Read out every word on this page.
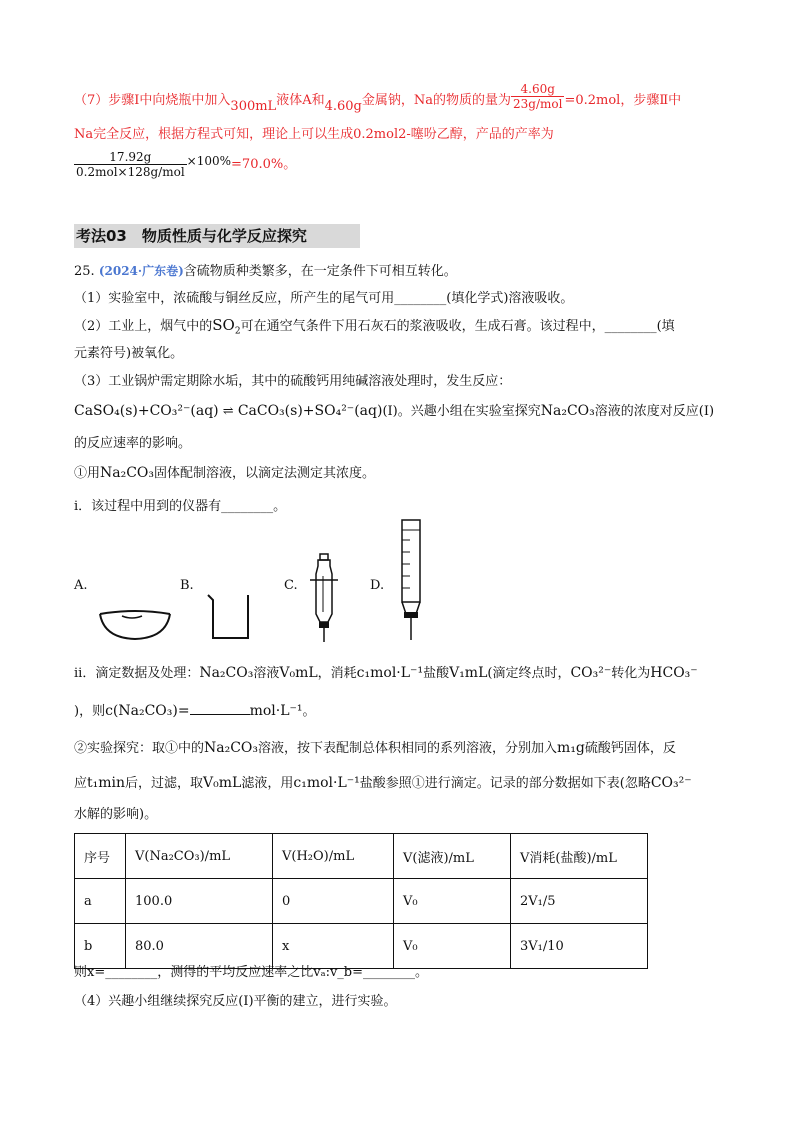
（7）步骤Ⅰ中向烧瓶中加入300mL液体A和4.60g金属钠，Na的物质的量为 $\frac{4.60g}{\text{23g/mol}} =0.2mol$，步骤Ⅱ中
Na完全反应，根据方程式可知，理论上可以生成0.2mol2-噻吩乙醇，产品的产率为
$\frac{17.92g}{\text{0.2mol×128g/mol}} \times 100\%=70.0\%$。
考法03　物质性质与化学反应探究
25. (2024·广东卷)含硫物质种类繁多，在一定条件下可相互转化。
（1）实验室中，浓硫酸与铜丝反应，所产生的尾气可用________(填化学式)溶液吸收。
（2）工业上，烟气中的$SO_2$可在通空气条件下用石灰石的浆液吸收，生成石膏。该过程中，________(填
元素符号)被氧化。
（3）工业锅炉需定期除水垢，其中的硫酸钙用纯碱溶液处理时，发生反应：
CaSO₄(s)+CO₃²⁻(aq) ⇌ CaCO₃(s)+SO₄²⁻(aq)(I)。兴趣小组在实验室探究Na₂CO₃溶液的浓度对反应(I)
的反应速率的影响。
①用Na₂CO₃固体配制溶液，以滴定法测定其浓度。
i．该过程中用到的仪器有________。
A.	B.	C.	D.
ii．滴定数据及处理：Na₂CO₃溶液V₀mL，消耗c₁mol·L⁻¹盐酸V₁mL(滴定终点时，CO₃²⁻转化为HCO₃⁻
)，则c(Na₂CO₃)=	mol·L⁻¹。
②实验探究：取①中的Na₂CO₃溶液，按下表配制总体积相同的系列溶液，分别加入m₁g硫酸钙固体，反
应t₁min后，过滤，取V₀mL滤液，用c₁mol·L⁻¹盐酸参照①进行滴定。记录的部分数据如下表(忽略CO₃²⁻
水解的影响)。
序号	V(Na₂CO₃)/mL	V(H₂O)/mL	V(滤液)/mL	V消耗(盐酸)/mL
a	100.0	0	V₀	2V₁/5
b	80.0	x	V₀	3V₁/10
则x=________，测得的平均反应速率之比vₐ:v_b=________。
（4）兴趣小组继续探究反应(I)平衡的建立，进行实验。
